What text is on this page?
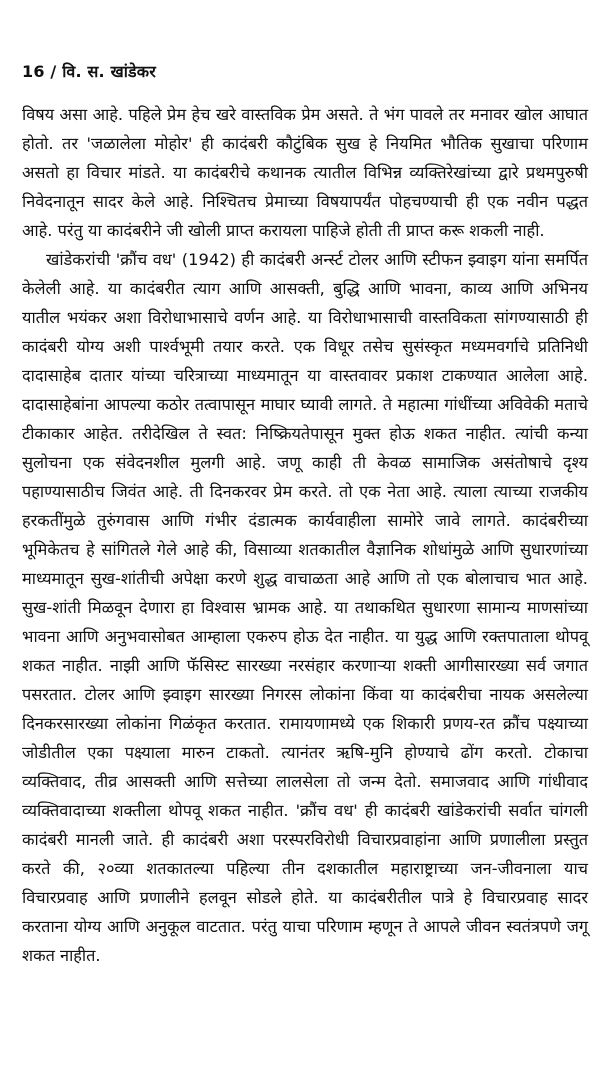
16 / वि. स. खांडेकर

विषय असा आहे. पहिले प्रेम हेच खरे वास्तविक प्रेम असते. ते भंग पावले तर मनावर खोल आघात होतो. तर 'जळालेला मोहोर' ही कादंबरी कौटुंबिक सुख हे नियमित भौतिक सुखाचा परिणाम असतो हा विचार मांडते. या कादंबरीचे कथानक त्यातील विभिन्न व्यक्तिरेखांच्या द्वारे प्रथमपुरुषी निवेदनातून सादर केले आहे. निश्चितच प्रेमाच्या विषयापर्यंत पोहचण्याची ही एक नवीन पद्धत आहे. परंतु या कादंबरीने जी खोली प्राप्त करायला पाहिजे होती ती प्राप्त करू शकली नाही.

खांडेकरांची 'क्रौंच वध' (1942) ही कादंबरी अर्न्स्ट टोलर आणि स्टीफन झ्वाइग यांना समर्पित केलेली आहे. या कादंबरीत त्याग आणि आसक्ती, बुद्धि आणि भावना, काव्य आणि अभिनय यातील भयंकर अशा विरोधाभासाचे वर्णन आहे. या विरोधाभासाची वास्तविकता सांगण्यासाठी ही कादंबरी योग्य अशी पार्श्वभूमी तयार करते. एक विधूर तसेच सुसंस्कृत मध्यमवर्गाचे प्रतिनिधी दादासाहेब दातार यांच्या चरित्राच्या माध्यमातून या वास्तवावर प्रकाश टाकण्यात आलेला आहे. दादासाहेबांना आपल्या कठोर तत्वापासून माघार घ्यावी लागते. ते महात्मा गांधींच्या अविवेकी मताचे टीकाकार आहेत. तरीदेखिल ते स्वत: निष्क्रियतेपासून मुक्त होऊ शकत नाहीत. त्यांची कन्या सुलोचना एक संवेदनशील मुलगी आहे. जणू काही ती केवळ सामाजिक असंतोषाचे दृश्य पहाण्यासाठीच जिवंत आहे. ती दिनकरवर प्रेम करते. तो एक नेता आहे. त्याला त्याच्या राजकीय हरकतींमुळे तुरुंगवास आणि गंभीर दंडात्मक कार्यवाहीला सामोरे जावे लागते. कादंबरीच्या भूमिकेतच हे सांगितले गेले आहे की, विसाव्या शतकातील वैज्ञानिक शोधांमुळे आणि सुधारणांच्या माध्यमातून सुख-शांतीची अपेक्षा करणे शुद्ध वाचाळता आहे आणि तो एक बोलाचाच भात आहे. सुख-शांती मिळवून देणारा हा विश्वास भ्रामक आहे. या तथाकथित सुधारणा सामान्य माणसांच्या भावना आणि अनुभवासोबत आम्हाला एकरुप होऊ देत नाहीत. या युद्ध आणि रक्तपाताला थोपवू शकत नाहीत. नाझी आणि फॅसिस्ट सारख्या नरसंहार करणाऱ्या शक्ती आगीसारख्या सर्व जगात पसरतात. टोलर आणि झ्वाइग सारख्या निगरस लोकांना किंवा या कादंबरीचा नायक असलेल्या दिनकरसारख्या लोकांना गिळंकृत करतात. रामायणामध्ये एक शिकारी प्रणय-रत क्रौंच पक्ष्याच्या जोडीतील एका पक्ष्याला मारुन टाकतो. त्यानंतर ऋषि-मुनि होण्याचे ढोंग करतो. टोकाचा व्यक्तिवाद, तीव्र आसक्ती आणि सत्तेच्या लालसेला तो जन्म देतो. समाजवाद आणि गांधीवाद व्यक्तिवादाच्या शक्तीला थोपवू शकत नाहीत. 'क्रौंच वध' ही कादंबरी खांडेकरांची सर्वात चांगली कादंबरी मानली जाते. ही कादंबरी अशा परस्परविरोधी विचारप्रवाहांना आणि प्रणालीला प्रस्तुत करते की, २०व्या शतकातल्या पहिल्या तीन दशकातील महाराष्ट्राच्या जन-जीवनाला याच विचारप्रवाह आणि प्रणालीने हलवून सोडले होते. या कादंबरीतील पात्रे हे विचारप्रवाह सादर करताना योग्य आणि अनुकूल वाटतात. परंतु याचा परिणाम म्हणून ते आपले जीवन स्वतंत्रपणे जगू शकत नाहीत.
